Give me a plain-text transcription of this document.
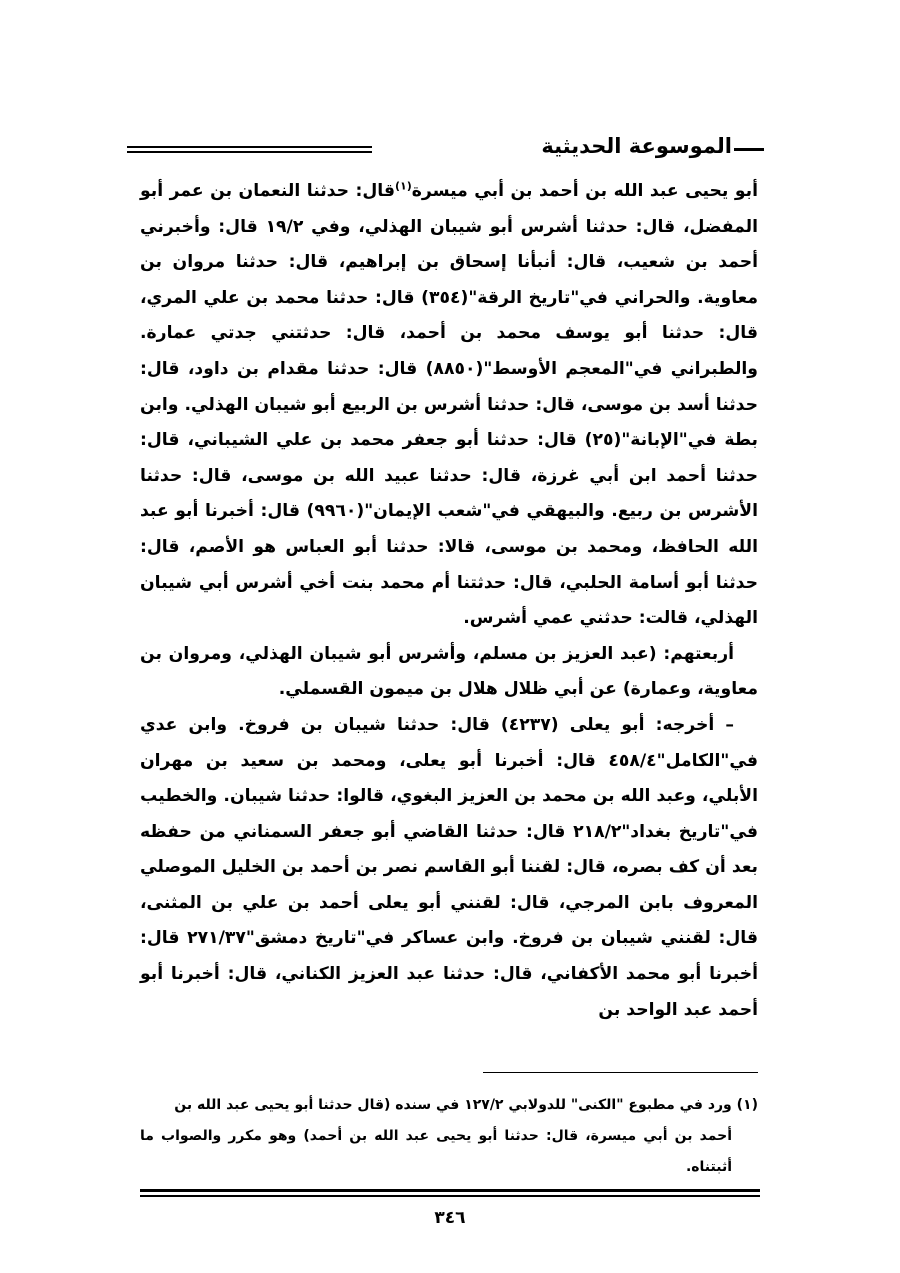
الموسوعة الحديثية

أبو يحيى عبد الله بن أحمد بن أبي ميسرة$^{(١)}$قال: حدثنا النعمان بن عمر أبو المفضل، قال: حدثنا أشرس أبو شيبان الهذلي، وفي ١٩/٢ قال: وأخبرني أحمد بن شعيب، قال: أنبأنا إسحاق بن إبراهيم، قال: حدثنا مروان بن معاوية. والحراني في"تاريخ الرقة"(٣٥٤) قال: حدثنا محمد بن علي المري، قال: حدثنا أبو يوسف محمد بن أحمد، قال: حدثتني جدتي عمارة. والطبراني في"المعجم الأوسط"(٨٨٥٠) قال: حدثنا مقدام بن داود، قال: حدثنا أسد بن موسى، قال: حدثنا أشرس بن الربيع أبو شيبان الهذلي. وابن بطة في"الإبانة"(٢٥) قال: حدثنا أبو جعفر محمد بن علي الشيباني، قال: حدثنا أحمد ابن أبي غرزة، قال: حدثنا عبيد الله بن موسى، قال: حدثنا الأشرس بن ربيع. والبيهقي في"شعب الإيمان"(٩٩٦٠) قال: أخبرنا أبو عبد الله الحافظ، ومحمد بن موسى، قالا: حدثنا أبو العباس هو الأصم، قال: حدثنا أبو أسامة الحلبي، قال: حدثتنا أم محمد بنت أخي أشرس أبي شيبان الهذلي، قالت: حدثني عمي أشرس.

أربعتهم: (عبد العزيز بن مسلم، وأشرس أبو شيبان الهذلي، ومروان بن معاوية، وعمارة) عن أبي ظلال هلال بن ميمون القسملي.

– أخرجه: أبو يعلى (٤٢٣٧) قال: حدثنا شيبان بن فروخ. وابن عدي في"الكامل"٤٥٨/٤ قال: أخبرنا أبو يعلى، ومحمد بن سعيد بن مهران الأبلي، وعبد الله بن محمد بن العزيز البغوي، قالوا: حدثنا شيبان. والخطيب في"تاريخ بغداد"٢١٨/٢ قال: حدثنا القاضي أبو جعفر السمناني من حفظه بعد أن كف بصره، قال: لقننا أبو القاسم نصر بن أحمد بن الخليل الموصلي المعروف بابن المرجي، قال: لقنني أبو يعلى أحمد بن علي بن المثنى، قال: لقنني شيبان بن فروخ. وابن عساكر في"تاريخ دمشق"٢٧١/٣٧ قال: أخبرنا أبو محمد الأكفاني، قال: حدثنا عبد العزيز الكناني، قال: أخبرنا أبو أحمد عبد الواحد بن

(١) ورد في مطبوع "الكنى" للدولابي ١٢٧/٢ في سنده (قال حدثنا أبو يحيى عبد الله بن

أحمد بن أبي ميسرة، قال: حدثنا أبو يحيى عبد الله بن أحمد) وهو مكرر والصواب ما أثبتناه.

٣٤٦
